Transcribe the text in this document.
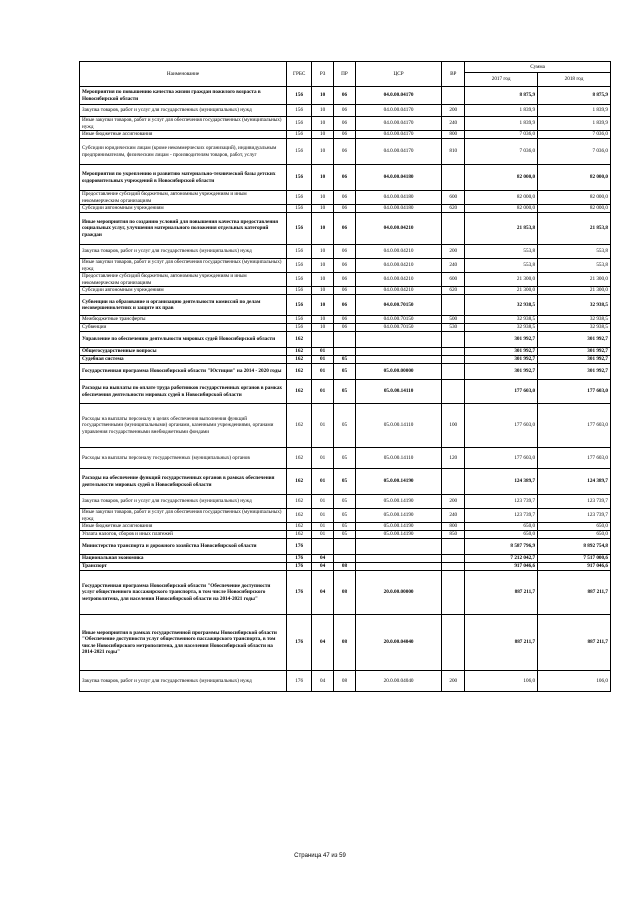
Наименование	ГРБС	РЗ	ПР	ЦСР	ВР	Сумма	
						2017 год	2018 год
Мероприятия по повышению качества жизни граждан пожилого возраста в Новосибирской области	156	10	06	04.0.00.04170		8 875,9	8 875,9
Закупка товаров, работ и услуг для государственных (муниципальных) нужд	156	10	06	04.0.00.04170	200	1 839,9	1 839,9
Иные закупки товаров, работ и услуг для обеспечения государственных (муниципальных) нужд	156	10	06	04.0.00.04170	240	1 839,9	1 839,9
Иные бюджетные ассигнования	156	10	06	04.0.00.04170	800	7 036,0	7 036,0
Субсидии юридическим лицам (кроме некоммерческих организаций), индивидуальным предпринимателям, физическим лицам - производителям товаров, работ, услуг	156	10	06	04.0.00.04170	810	7 036,0	7 036,0
Мероприятия по укреплению и развитию материально-технической базы детских оздоровительных учреждений в Новосибирской области	156	10	06	04.0.00.04180		82 000,0	82 000,0
Предоставление субсидий бюджетным, автономным учреждениям и иным некоммерческим организациям	156	10	06	04.0.00.04180	600	82 000,0	82 000,0
Субсидии автономным учреждениям	156	10	06	04.0.00.04180	620	82 000,0	82 000,0
Иные мероприятия по созданию условий для повышения качества предоставления социальных услуг, улучшения материального положения отдельных категорий граждан	156	10	06	04.0.00.04210		21 853,8	21 853,8
Закупка товаров, работ и услуг для государственных (муниципальных) нужд	156	10	06	04.0.00.04210	200	553,8	553,8
Иные закупки товаров, работ и услуг для обеспечения государственных (муниципальных) нужд	156	10	06	04.0.00.04210	240	553,8	553,8
Предоставление субсидий бюджетным, автономным учреждениям и иным некоммерческим организациям	156	10	06	04.0.00.04210	600	21 300,0	21 300,0
Субсидии автономным учреждениям	156	10	06	04.0.00.04210	620	21 300,0	21 300,0
Субвенции на образование и организацию деятельности комиссий по делам несовершеннолетних и защите их прав	156	10	06	04.0.00.70150		32 938,5	32 938,5
Межбюджетные трансферты	156	10	06	04.0.00.70150	500	32 938,5	32 938,5
Субвенции	156	10	06	04.0.00.70150	530	32 938,5	32 938,5
Управление по обеспечению деятельности мировых судей Новосибирской области	162					301 992,7	301 992,7
Общегосударственные вопросы	162	01				301 992,7	301 992,7
Судебная система	162	01	05			301 992,7	301 992,7
Государственная программа Новосибирской области "Юстиция" на 2014 - 2020 годы	162	01	05	05.0.00.00000		301 992,7	301 992,7
Расходы на выплаты по оплате труда работников государственных органов в рамках обеспечения деятельности мировых судей в Новосибирской области	162	01	05	05.0.00.14110		177 603,0	177 603,0
Расходы на выплаты персоналу в целях обеспечения выполнения функций государственными (муниципальными) органами, казенными учреждениями, органами управления государственными внебюджетными фондами	162	01	05	05.0.00.14110	100	177 603,0	177 603,0
Расходы на выплаты персоналу государственных (муниципальных) органов	162	01	05	05.0.00.14110	120	177 603,0	177 603,0
Расходы на обеспечение функций государственных органов в рамках обеспечения деятельности мировых судей в Новосибирской области	162	01	05	05.0.00.14190		124 389,7	124 389,7
Закупка товаров, работ и услуг для государственных (муниципальных) нужд	162	01	05	05.0.00.14190	200	123 739,7	123 739,7
Иные закупки товаров, работ и услуг для обеспечения государственных (муниципальных) нужд	162	01	05	05.0.00.14190	240	123 739,7	123 739,7
Иные бюджетные ассигнования	162	01	05	05.0.00.14190	800	650,0	650,0
Уплата налогов, сборов и иных платежей	162	01	05	05.0.00.14190	850	650,0	650,0
Министерство транспорта и дорожного хозяйства Новосибирской области	176					8 587 796,9	8 892 754,8
Национальная экономика	176	04				7 212 042,7	7 517 000,6
Транспорт	176	04	08			917 046,6	917 046,6
Государственная программа Новосибирской области "Обеспечение доступности услуг общественного пассажирского транспорта, в том числе Новосибирского метрополитена, для населения Новосибирской области на 2014-2021 годы"	176	04	08	20.0.00.00000		887 211,7	887 211,7
Иные мероприятия в рамках государственной программы Новосибирской области "Обеспечение доступности услуг общественного пассажирского транспорта, в том числе Новосибирского метрополитена, для населения Новосибирской области на 2014-2021 годы"	176	04	08	20.0.00.04040		887 211,7	887 211,7
Закупка товаров, работ и услуг для государственных (муниципальных) нужд	176	04	08	20.0.00.04040	200	106,0	106,0
Страница 47 из 59
